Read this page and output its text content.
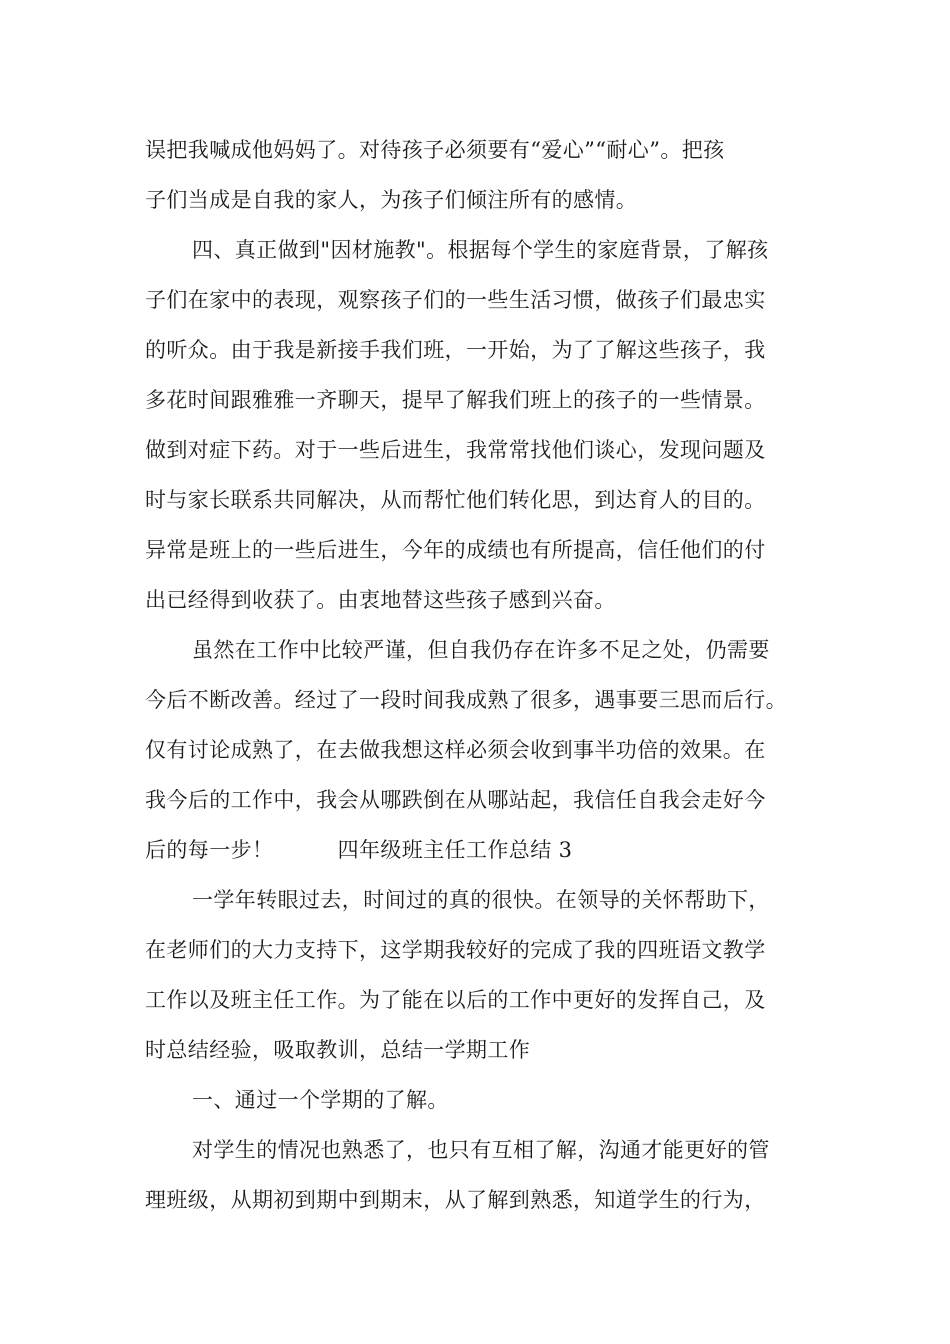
误把我喊成他妈妈了。对待孩子必须要有“爱心”“耐心”。把孩
子们当成是自我的家人，为孩子们倾注所有的感情。
四、真正做到"因材施教"。根据每个学生的家庭背景，了解孩
子们在家中的表现，观察孩子们的一些生活习惯，做孩子们最忠实
的听众。由于我是新接手我们班，一开始，为了了解这些孩子，我
多花时间跟雅雅一齐聊天，提早了解我们班上的孩子的一些情景。
做到对症下药。对于一些后进生，我常常找他们谈心，发现问题及
时与家长联系共同解决，从而帮忙他们转化思，到达育人的目的。
异常是班上的一些后进生，今年的成绩也有所提高，信任他们的付
出已经得到收获了。由衷地替这些孩子感到兴奋。
虽然在工作中比较严谨，但自我仍存在许多不足之处，仍需要
今后不断改善。经过了一段时间我成熟了很多，遇事要三思而后行。
仅有讨论成熟了，在去做我想这样必须会收到事半功倍的效果。在
我今后的工作中，我会从哪跌倒在从哪站起，我信任自我会走好今
后的每一步！　　　四年级班主任工作总结 3
一学年转眼过去，时间过的真的很快。在领导的关怀帮助下，
在老师们的大力支持下，这学期我较好的完成了我的四班语文教学
工作以及班主任工作。为了能在以后的工作中更好的发挥自己，及
时总结经验，吸取教训，总结一学期工作
一、通过一个学期的了解。
对学生的情况也熟悉了，也只有互相了解，沟通才能更好的管
理班级，从期初到期中到期末，从了解到熟悉，知道学生的行为，
